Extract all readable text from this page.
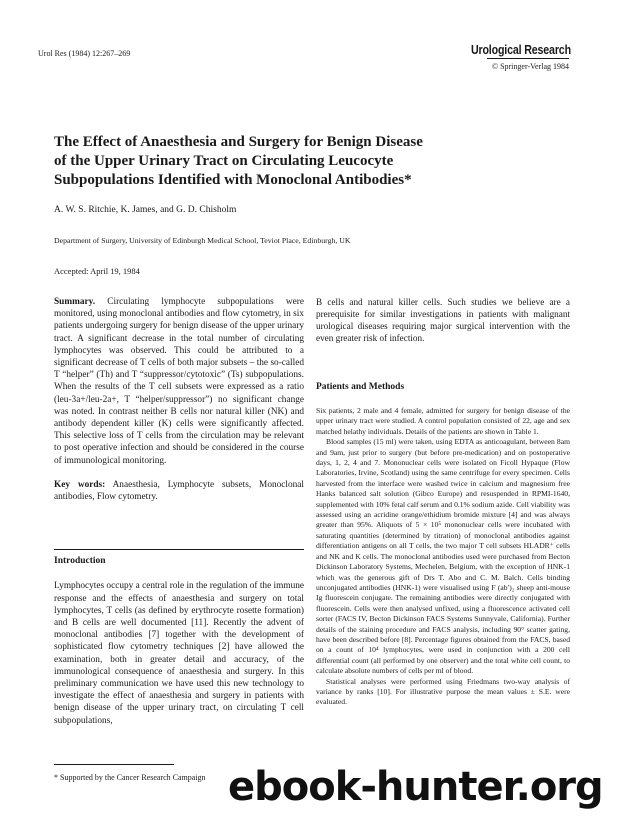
Urol Res (1984) 12:267–269	Urological Research
© Springer-Verlag 1984
The Effect of Anaesthesia and Surgery for Benign Disease
of the Upper Urinary Tract on Circulating Leucocyte
Subpopulations Identified with Monoclonal Antibodies*
A. W. S. Ritchie, K. James, and G. D. Chisholm
Department of Surgery, University of Edinburgh Medical School, Teviot Place, Edinburgh, UK
Accepted: April 19, 1984

Summary. Circulating lymphocyte subpopulations were monitored, using monoclonal antibodies and flow cytometry, in six patients undergoing surgery for benign disease of the upper urinary tract. A significant decrease in the total number of circulating lymphocytes was observed. This could be attributed to a significant decrease of T cells of both major subsets – the so-called T “helper” (Th) and T “suppressor/cytotoxic” (Ts) subpopulations. When the results of the T cell subsets were expressed as a ratio (leu-3a+/leu-2a+, T “helper/suppressor”) no significant change was noted. In contrast neither B cells nor natural killer (NK) and antibody dependent killer (K) cells were significantly affected. This selective loss of T cells from the circulation may be relevant to post operative infection and should be considered in the course of immunological monitoring.

Key words: Anaesthesia, Lymphocyte subsets, Monoclonal antibodies, Flow cytometry.

Introduction

Lymphocytes occupy a central role in the regulation of the immune response and the effects of anaesthesia and surgery on total lymphocytes, T cells (as defined by erythrocyte rosette formation) and B cells are well documented [11]. Recently the advent of monoclonal antibodies [7] together with the development of sophisticated flow cytometry techniques [2] have allowed the examination, both in greater detail and accuracy, of the immunological consequence of anaesthesia and surgery. In this preliminary communication we have used this new technology to investigate the effect of anaesthesia and surgery in patients with benign disease of the upper urinary tract, on circulating T cell subpopulations,

B cells and natural killer cells. Such studies we believe are a prerequisite for similar investigations in patients with malignant urological diseases requiring major surgical intervention with the even greater risk of infection.

Patients and Methods

Six patients, 2 male and 4 female, admitted for surgery for benign disease of the upper urinary tract were studied. A control population consisted of 22, age and sex matched helathy individuals. Details of the patients are shown in Table 1.

Blood samples (15 ml) were taken, using EDTA as anticoagulant, between 8am and 9am, just prior to surgery (but before pre-medication) and on postoperative days, 1, 2, 4 and 7. Mononuclear cells were isolated on Ficoll Hypaque (Flow Laboratories, Irvine, Scotland) using the same centrifuge for every specimen. Cells harvested from the interface were washed twice in calcium and magnesium free Hanks balanced salt solution (Gibco Europe) and resuspended in RPMI-1640, supplemented with 10% fetal calf serum and 0.1% sodium azide. Cell viability was assessed using an acridine orange/ethidium bromide mixture [4] and was always greater than 95%. Aliquots of 5 × 10⁵ mononuclear cells were incubated with saturating quantities (determined by titration) of monoclonal antibodies against differentiation antigens on all T cells, the two major T cell subsets HLADR⁺ cells and NK and K cells. The monoclonal antibodies used were purchased from Becton Dickinson Laboratory Systems, Mechelen, Belgium, with the exception of HNK-1 which was the generous gift of Drs T. Abo and C. M. Balch. Cells binding unconjugated antibodies (HNK-1) were visualised using F (ab′)₂ sheep anti-mouse Ig fluorescein conjugate. The remaining antibodies were directly conjugated with fluorescein. Cells were then analysed unfixed, using a fluorescence activated cell sorter (FACS IV, Becton Dickinson FACS Systems Sunnyvale, California). Further details of the staining procedure and FACS analysis, including 90° scatter gating, have been described before [8]. Percentage figures obtained from the FACS, based on a count of 10⁴ lymphocytes, were used in conjunction with a 200 cell differential count (all performed by one observer) and the total white cell count, to calculate absolute numbers of cells per ml of blood.

Statistical analyses were performed using Friedmans two-way analysis of variance by ranks [10]. For illustrative purpose the mean values ± S.E. were evaluated.

* Supported by the Cancer Research Campaign ebook-hunter.org
